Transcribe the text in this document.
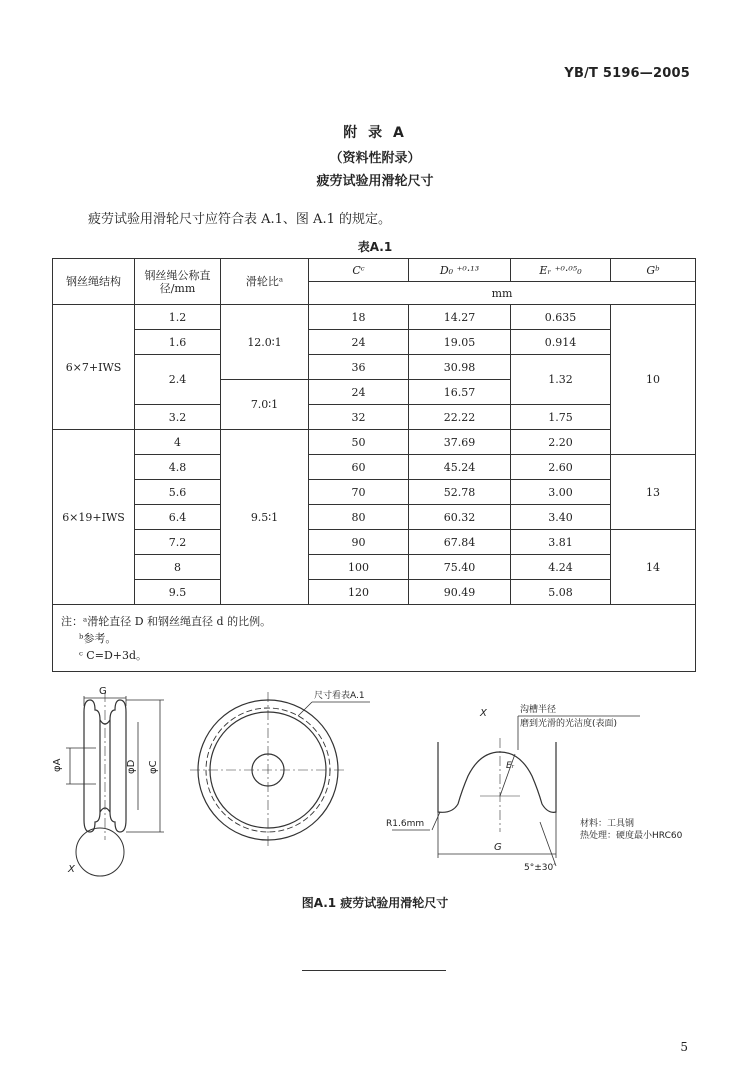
YB/T 5196—2005
附 录 A
（资料性附录）
疲劳试验用滑轮尺寸
疲劳试验用滑轮尺寸应符合表 A.1、图 A.1 的规定。
表A.1
钢丝绳结构	钢丝绳公称直径/mm	滑轮比ᵃ	Cᶜ	D₀ ⁺⁰·¹³	Eᵣ ⁺⁰·⁰⁵₀	Gᵇ
			mm			
6×7+IWS	1.2	12.0∶1	18	14.27	0.635	10
	1.6		24	19.05	0.914	
	2.4		36	30.98	1.32	
		7.0∶1	24	16.57		
	3.2		32	22.22	1.75	
6×19+IWS	4	9.5∶1	50	37.69	2.20	
	4.8		60	45.24	2.60	13
	5.6		70	52.78	3.00	
	6.4		80	60.32	3.40	
	7.2		90	67.84	3.81	14
	8		100	75.40	4.24	
	9.5		120	90.49	5.08	

注：ᵃ滑轮直径 D 和钢丝绳直径 d 的比例。
ᵇ参考。
ᶜ C=D+3d。						
G
φA	φD φC
X
尺寸看表A.1
沟槽半径
磨到光滑的光洁度(表面)
X
Eᵣ
R1.6mm
G
5°±30′
材料：工具钢
热处理：硬度最小HRC60
图A.1 疲劳试验用滑轮尺寸
5
